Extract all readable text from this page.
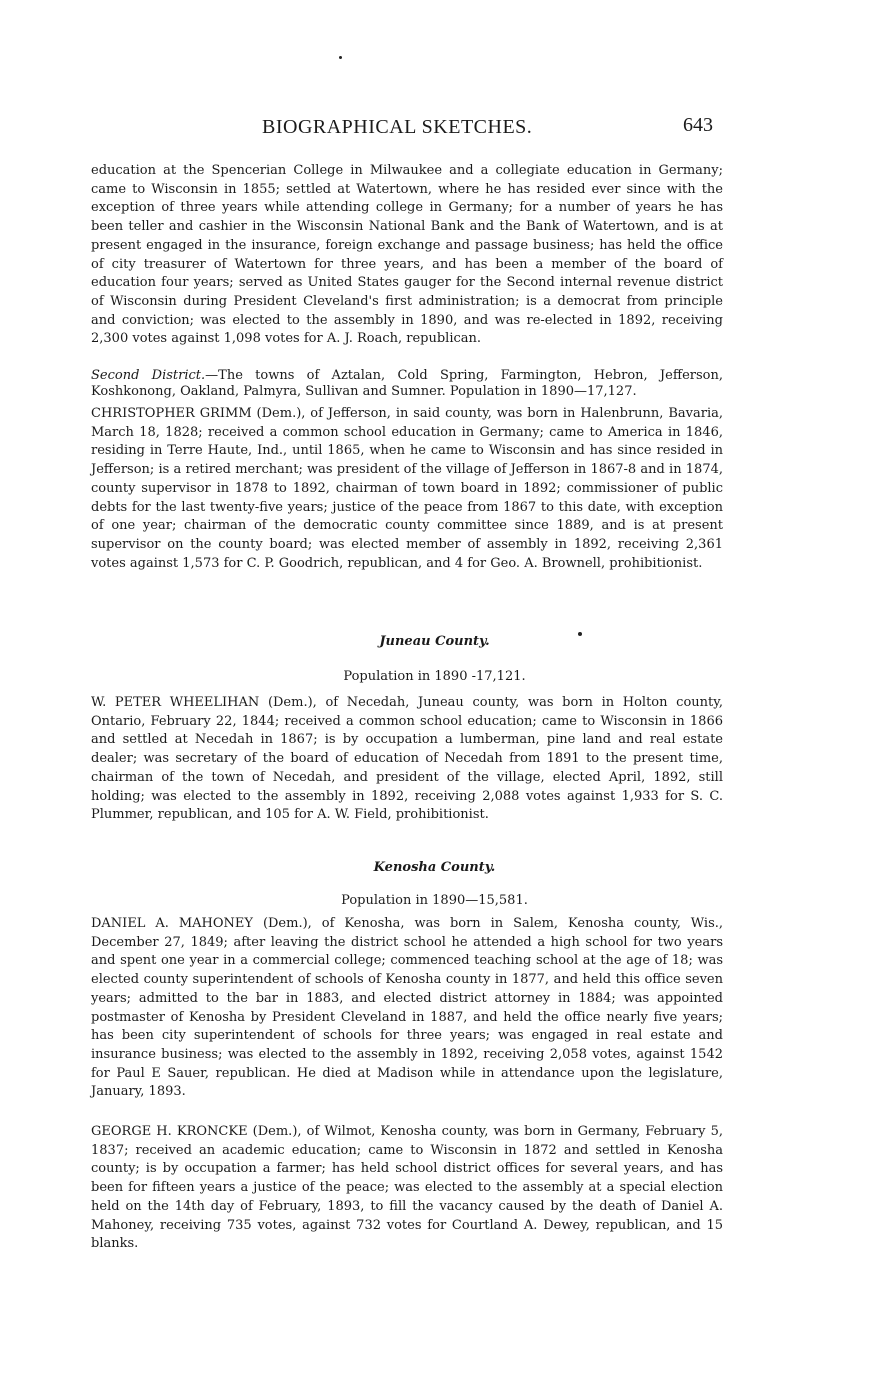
BIOGRAPHICAL SKETCHES.	643

education at the Spencerian College in Milwaukee and a collegiate education in Germany; came to Wisconsin in 1855; settled at Watertown, where he has resided ever since with the exception of three years while attending college in Germany; for a number of years he has been teller and cashier in the Wisconsin National Bank and the Bank of Watertown, and is at present engaged in the insurance, foreign exchange and passage business; has held the office of city treasurer of Watertown for three years, and has been a member of the board of education four years; served as United States gauger for the Second internal revenue district of Wisconsin during President Cleveland's first administration; is a democrat from principle and conviction; was elected to the assembly in 1890, and was re-elected in 1892, receiving 2,300 votes against 1,098 votes for A. J. Roach, republican.

Second District.—The towns of Aztalan, Cold Spring, Farmington, Hebron, Jefferson, Koshkonong, Oakland, Palmyra, Sullivan and Sumner. Population in 1890—17,127.

CHRISTOPHER GRIMM (Dem.), of Jefferson, in said county, was born in Halenbrunn, Bavaria, March 18, 1828; received a common school education in Germany; came to America in 1846, residing in Terre Haute, Ind., until 1865, when he came to Wisconsin and has since resided in Jefferson; is a retired merchant; was president of the village of Jefferson in 1867-8 and in 1874, county supervisor in 1878 to 1892, chairman of town board in 1892; commissioner of public debts for the last twenty-five years; justice of the peace from 1867 to this date, with exception of one year; chairman of the democratic county committee since 1889, and is at present supervisor on the county board; was elected member of assembly in 1892, receiving 2,361 votes against 1,573 for C. P. Goodrich, republican, and 4 for Geo. A. Brownell, prohibitionist.

Juneau County.
Population in 1890 -17,121.

W. PETER WHEELIHAN (Dem.), of Necedah, Juneau county, was born in Holton county, Ontario, February 22, 1844; received a common school education; came to Wisconsin in 1866 and settled at Necedah in 1867; is by occupation a lumberman, pine land and real estate dealer; was secretary of the board of education of Necedah from 1891 to the present time, chairman of the town of Necedah, and president of the village, elected April, 1892, still holding; was elected to the assembly in 1892, receiving 2,088 votes against 1,933 for S. C. Plummer, republican, and 105 for A. W. Field, prohibitionist.

Kenosha County.
Population in 1890—15,581.

DANIEL A. MAHONEY (Dem.), of Kenosha, was born in Salem, Kenosha county, Wis., December 27, 1849; after leaving the district school he attended a high school for two years and spent one year in a commercial college; commenced teaching school at the age of 18; was elected county superintendent of schools of Kenosha county in 1877, and held this office seven years; admitted to the bar in 1883, and elected district attorney in 1884; was appointed postmaster of Kenosha by President Cleveland in 1887, and held the office nearly five years; has been city superintendent of schools for three years; was engaged in real estate and insurance business; was elected to the assembly in 1892, receiving 2,058 votes, against 1542 for Paul E Sauer, republican. He died at Madison while in attendance upon the legislature, January, 1893.

GEORGE H. KRONCKE (Dem.), of Wilmot, Kenosha county, was born in Germany, February 5, 1837; received an academic education; came to Wisconsin in 1872 and settled in Kenosha county; is by occupation a farmer; has held school district offices for several years, and has been for fifteen years a justice of the peace; was elected to the assembly at a special election held on the 14th day of February, 1893, to fill the vacancy caused by the death of Daniel A. Mahoney, receiving 735 votes, against 732 votes for Courtland A. Dewey, republican, and 15 blanks.
